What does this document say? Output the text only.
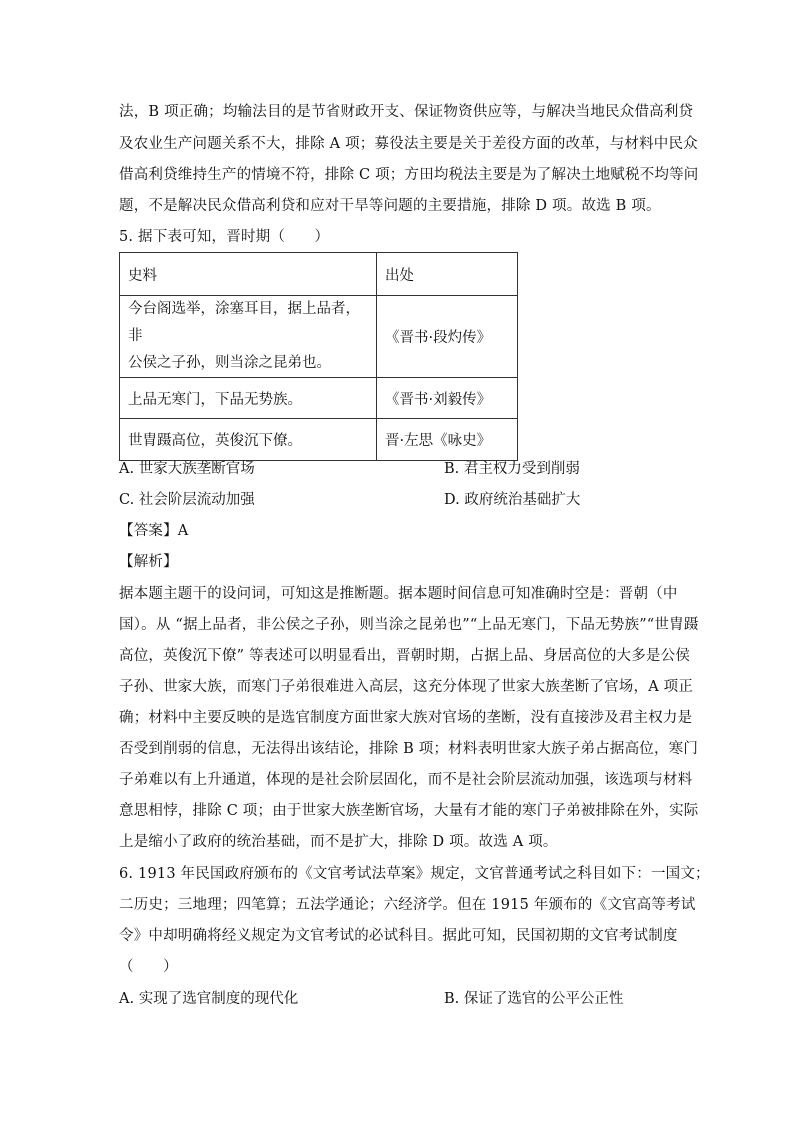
法，B 项正确；均输法目的是节省财政开支、保证物资供应等，与解决当地民众借高利贷
及农业生产问题关系不大，排除 A 项；募役法主要是关于差役方面的改革，与材料中民众
借高利贷维持生产的情境不符，排除 C 项；方田均税法主要是为了解决土地赋税不均等问
题，不是解决民众借高利贷和应对干旱等问题的主要措施，排除 D 项。故选 B 项。
5. 据下表可知，晋时期（　　）
史料	出处

今台阁选举，涂塞耳目，据上品者，非
公侯之子孙，则当涂之昆弟也。	《晋书·段灼传》
上品无寒门，下品无势族。	《晋书·刘毅传》
世胄蹑高位，英俊沉下僚。	晋·左思《咏史》
A. 世家大族垄断官场	B. 君主权力受到削弱
C. 社会阶层流动加强	D. 政府统治基础扩大
【答案】A
【解析】
据本题主题干的设问词，可知这是推断题。据本题时间信息可知准确时空是：晋朝（中
国）。从 “据上品者，非公侯之子孙，则当涂之昆弟也”“上品无寒门，下品无势族”“世胄蹑
高位，英俊沉下僚” 等表述可以明显看出，晋朝时期，占据上品、身居高位的大多是公侯
子孙、世家大族，而寒门子弟很难进入高层，这充分体现了世家大族垄断了官场，A 项正
确；材料中主要反映的是选官制度方面世家大族对官场的垄断，没有直接涉及君主权力是
否受到削弱的信息，无法得出该结论，排除 B 项；材料表明世家大族子弟占据高位，寒门
子弟难以有上升通道，体现的是社会阶层固化，而不是社会阶层流动加强，该选项与材料
意思相悖，排除 C 项；由于世家大族垄断官场，大量有才能的寒门子弟被排除在外，实际
上是缩小了政府的统治基础，而不是扩大，排除 D 项。故选 A 项。
6. 1913 年民国政府颁布的《文官考试法草案》规定，文官普通考试之科目如下：一国文；
二历史；三地理；四笔算；五法学通论；六经济学。但在 1915 年颁布的《文官高等考试
令》中却明确将经义规定为文官考试的必试科目。据此可知，民国初期的文官考试制度
（　　）
A. 实现了选官制度的现代化	B. 保证了选官的公平公正性
